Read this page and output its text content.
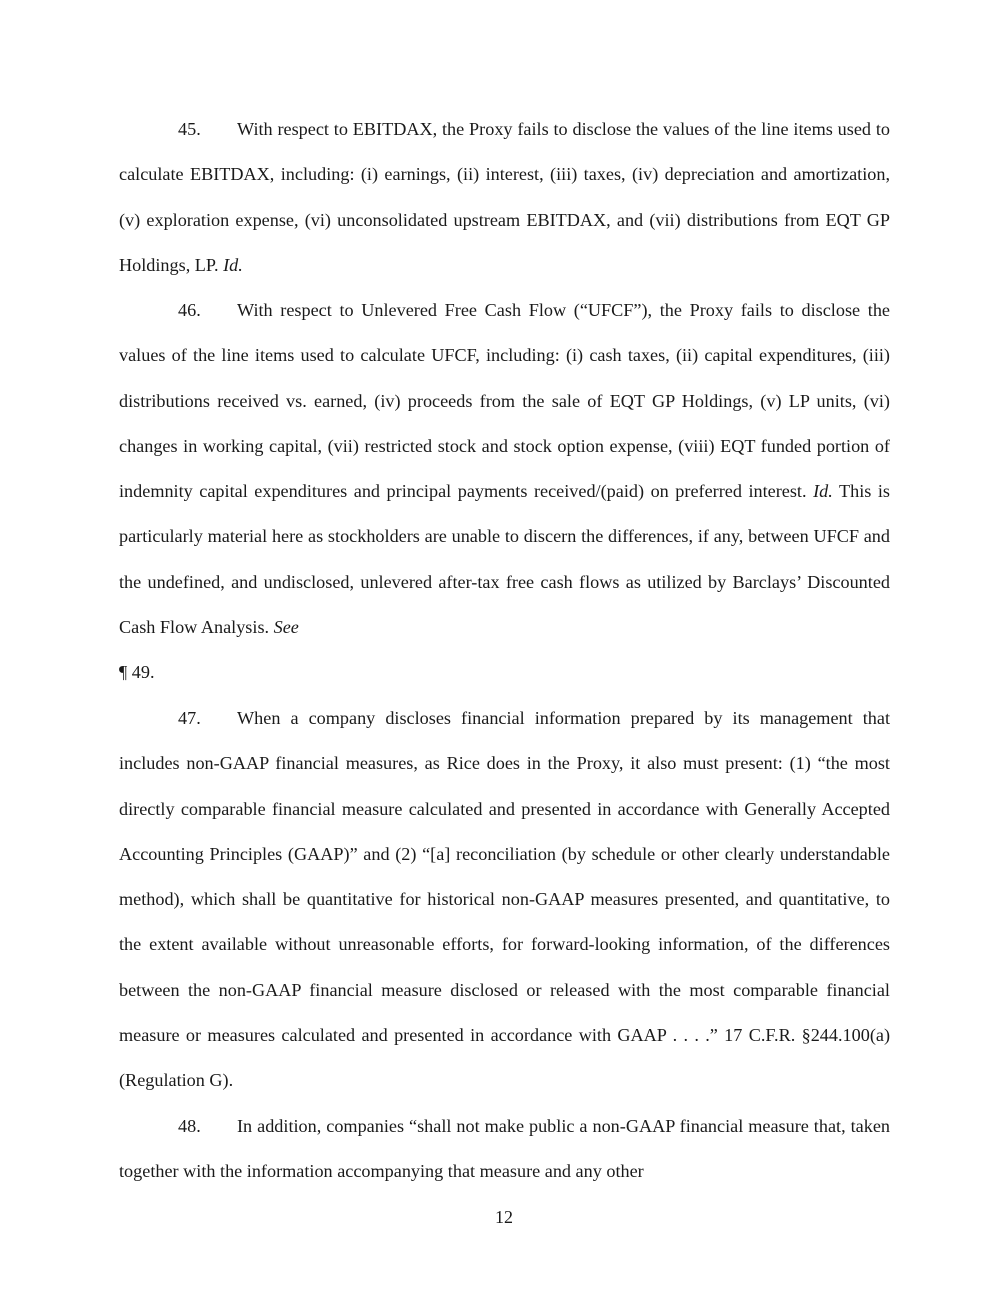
45. With respect to EBITDAX, the Proxy fails to disclose the values of the line items used to calculate EBITDAX, including: (i) earnings, (ii) interest, (iii) taxes, (iv) depreciation and amortization, (v) exploration expense, (vi) unconsolidated upstream EBITDAX, and (vii) distributions from EQT GP Holdings, LP. Id.

46. With respect to Unlevered Free Cash Flow (“UFCF”), the Proxy fails to disclose the values of the line items used to calculate UFCF, including: (i) cash taxes, (ii) capital expenditures, (iii) distributions received vs. earned, (iv) proceeds from the sale of EQT GP Holdings, (v) LP units, (vi) changes in working capital, (vii) restricted stock and stock option expense, (viii) EQT funded portion of indemnity capital expenditures and principal payments received/(paid) on preferred interest. Id. This is particularly material here as stockholders are unable to discern the differences, if any, between UFCF and the undefined, and undisclosed, unlevered after-tax free cash flows as utilized by Barclays’ Discounted Cash Flow Analysis. See
¶ 49.

47. When a company discloses financial information prepared by its management that includes non-GAAP financial measures, as Rice does in the Proxy, it also must present: (1) “the most directly comparable financial measure calculated and presented in accordance with Generally Accepted Accounting Principles (GAAP)” and (2) “[a] reconciliation (by schedule or other clearly understandable method), which shall be quantitative for historical non-GAAP measures presented, and quantitative, to the extent available without unreasonable efforts, for forward-looking information, of the differences between the non-GAAP financial measure disclosed or released with the most comparable financial measure or measures calculated and presented in accordance with GAAP . . . .” 17 C.F.R. §244.100(a) (Regulation G).

48. In addition, companies “shall not make public a non-GAAP financial measure that, taken together with the information accompanying that measure and any other

12
